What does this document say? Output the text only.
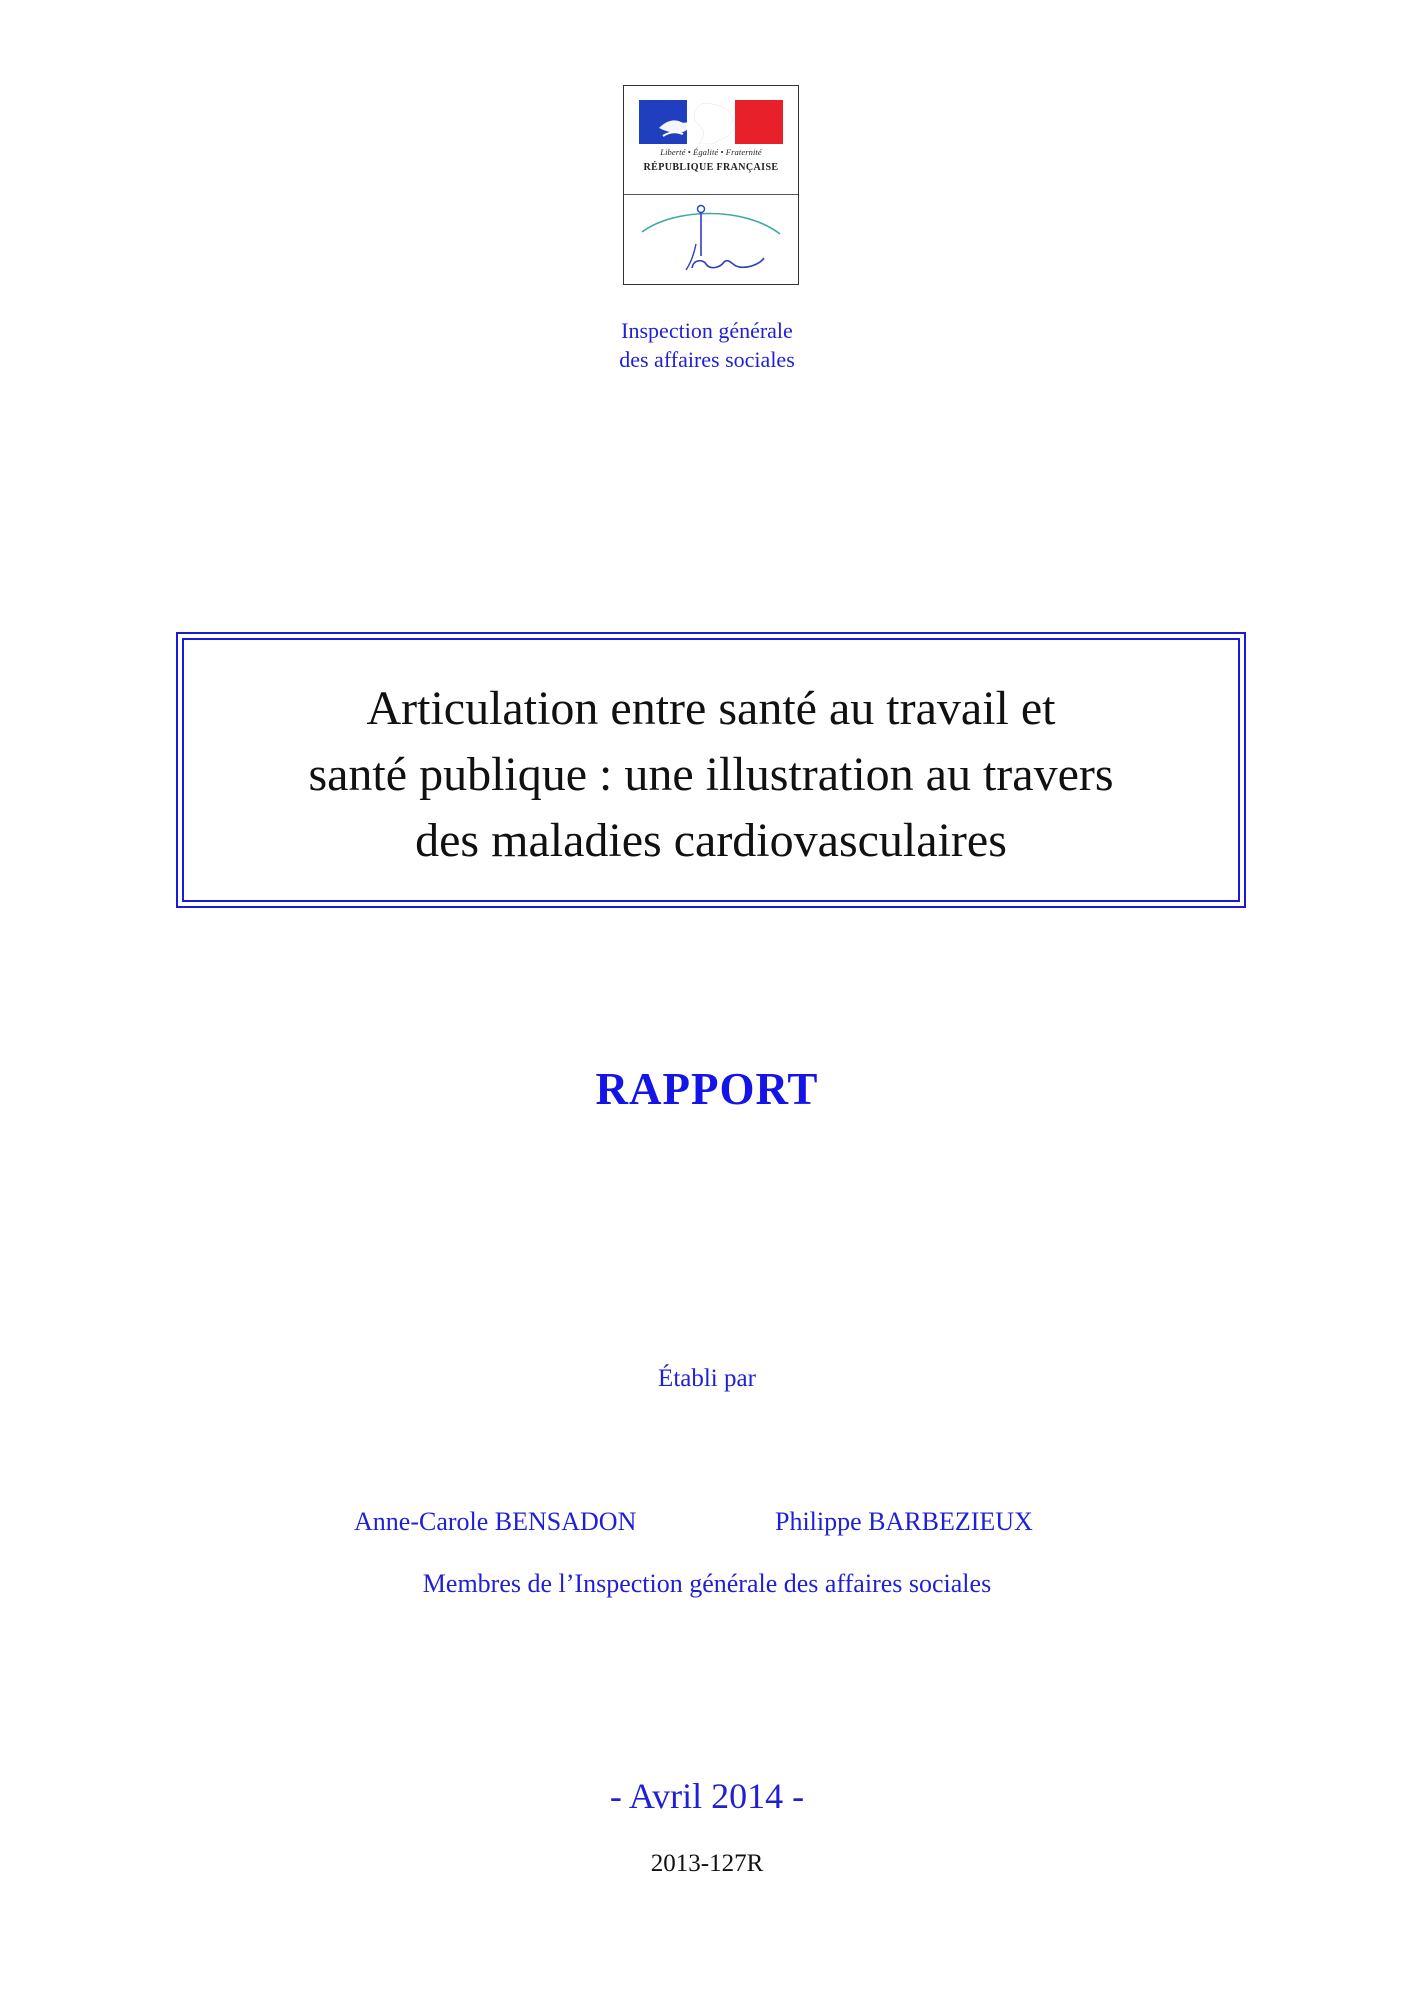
Liberté • Égalité • Fraternité
RÉPUBLIQUE FRANÇAISE
Inspection générale
des affaires sociales
Articulation entre santé au travail et
santé publique : une illustration au travers
des maladies cardiovasculaires
RAPPORT
Établi par
Anne-Carole BENSADON	Philippe BARBEZIEUX
Membres de l’Inspection générale des affaires sociales
- Avril 2014 -
2013-127R
